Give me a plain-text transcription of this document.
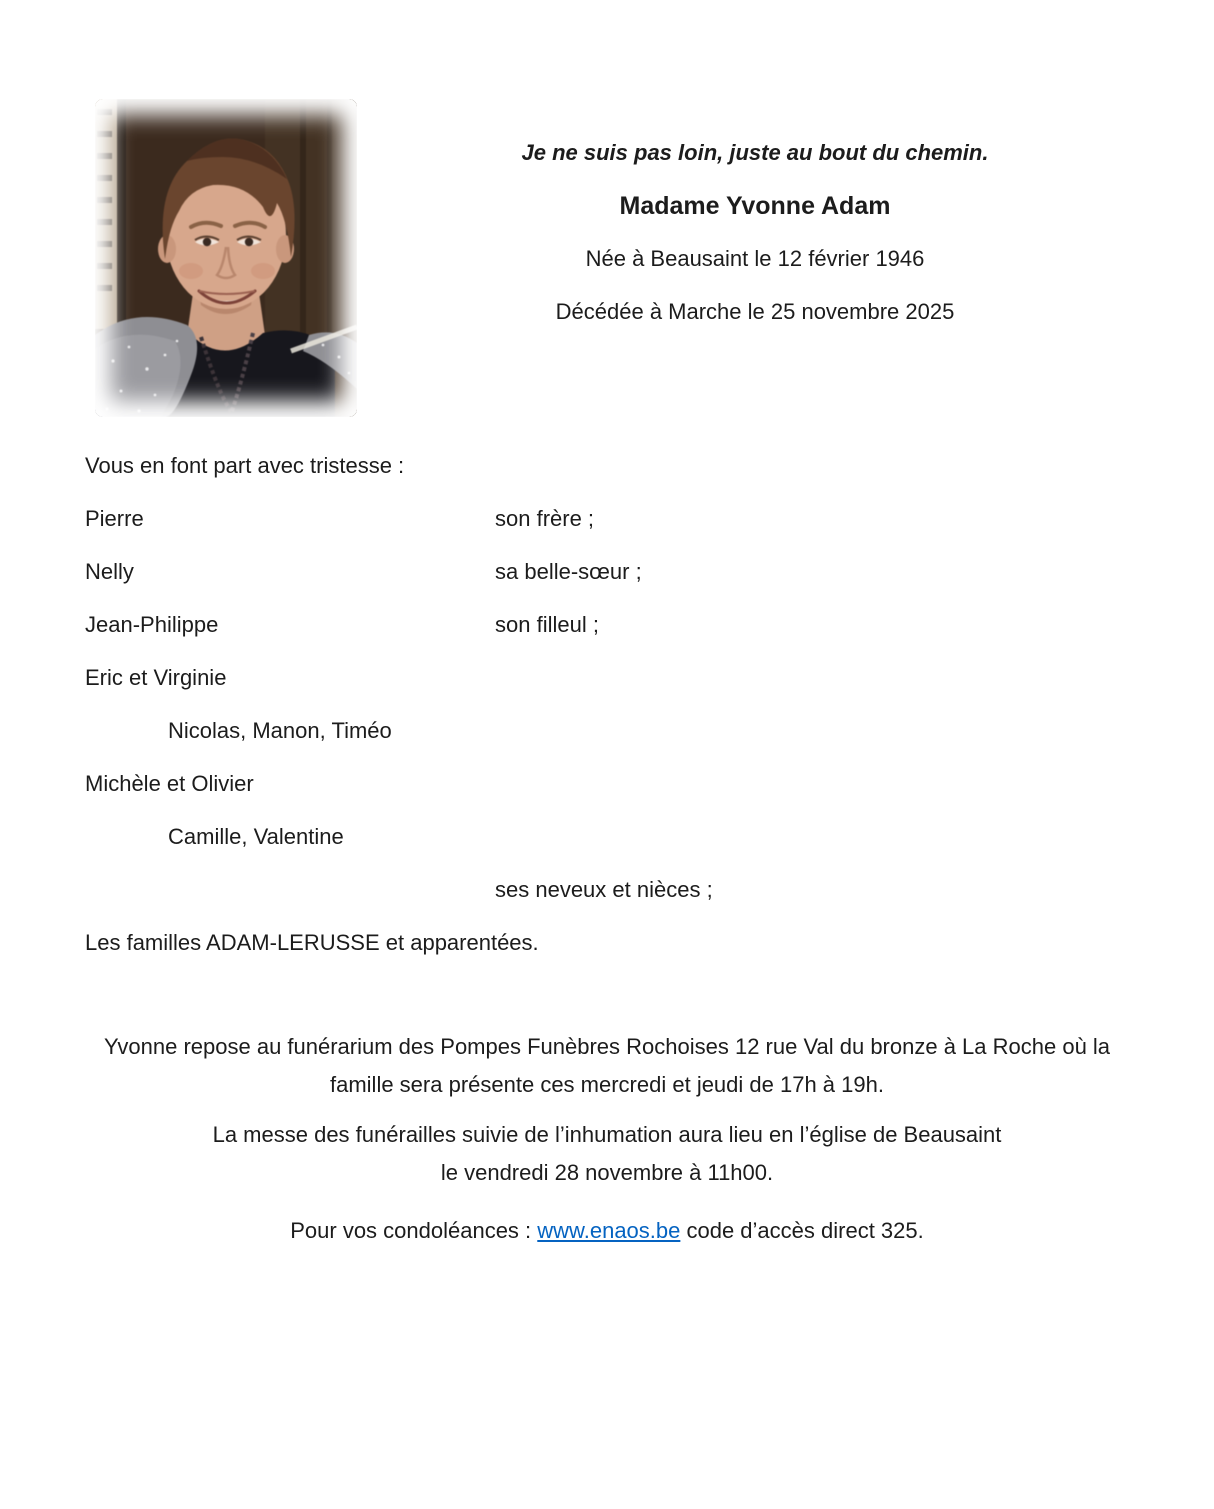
Je ne suis pas loin, juste au bout du chemin.
Madame Yvonne Adam
Née à Beausaint le 12 février 1946
Décédée à Marche le 25 novembre 2025
Vous en font part avec tristesse :
Pierre	son frère ;
Nelly	sa belle-sœur ;
Jean-Philippe	son filleul ;
Eric et Virginie
Nicolas, Manon, Timéo
Michèle et Olivier
Camille, Valentine
ses neveux et nièces ;
Les familles ADAM-LERUSSE et apparentées.

Yvonne repose au funérarium des Pompes Funèbres Rochoises 12 rue Val du bronze à La Roche où la
famille sera présente ces mercredi et jeudi de 17h à 19h.

La messe des funérailles suivie de l’inhumation aura lieu en l’église de Beausaint
le vendredi 28 novembre à 11h00.

Pour vos condoléances : www.enaos.be code d’accès direct 325.
